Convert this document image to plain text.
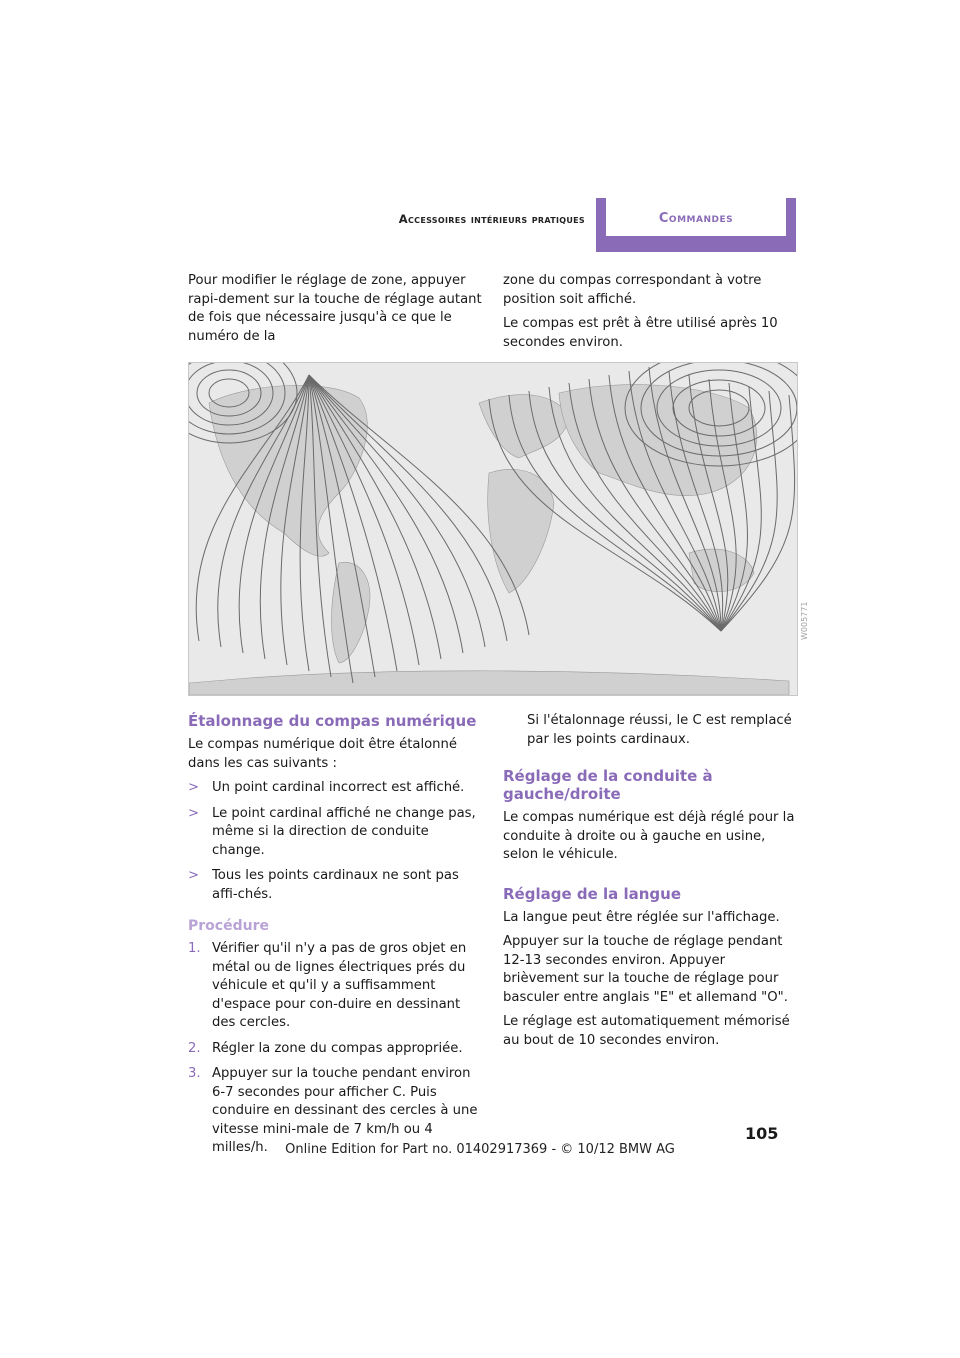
Accessoires intérieurs pratiques	Commandes

Pour modifier le réglage de zone, appuyer rapi-dement sur la touche de réglage autant de fois que nécessaire jusqu'à ce que le numéro de la

zone du compas correspondant à votre position soit affiché.

Le compas est prêt à être utilisé après 10 secondes environ.

W005771
Étalonnage du compas numérique

Le compas numérique doit être étalonné dans les cas suivants :

> Un point cardinal incorrect est affiché.
> Le point cardinal affiché ne change pas, même si la direction de conduite change.
> Tous les points cardinaux ne sont pas affi-chés.
Procédure
1. Vérifier qu'il n'y a pas de gros objet en métal ou de lignes électriques prés du véhicule et qu'il y a suffisamment d'espace pour con-duire en dessinant des cercles.
2. Régler la zone du compas appropriée.
3. Appuyer sur la touche pendant environ 6-7 secondes pour afficher C. Puis conduire en dessinant des cercles à une vitesse mini-male de 7 km/h ou 4 milles/h.

Si l'étalonnage réussi, le C est remplacé par les points cardinaux.

Réglage de la conduite à gauche/droite

Le compas numérique est déjà réglé pour la conduite à droite ou à gauche en usine, selon le véhicule.

Réglage de la langue

La langue peut être réglée sur l'affichage.

Appuyer sur la touche de réglage pendant 12-13 secondes environ. Appuyer brièvement sur la touche de réglage pour basculer entre anglais "E" et allemand "O".

Le réglage est automatiquement mémorisé au bout de 10 secondes environ.

105
Online Edition for Part no. 01402917369 - © 10/12 BMW AG
